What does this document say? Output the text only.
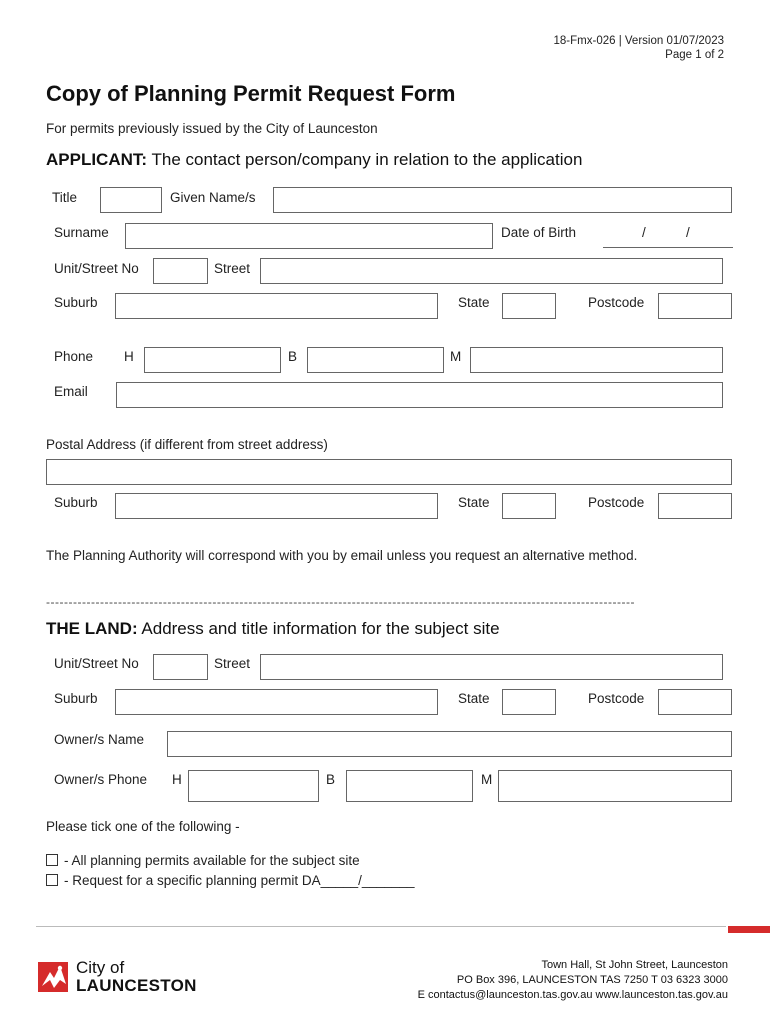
18-Fmx-026 | Version 01/07/2023
Page 1 of 2
Copy of Planning Permit Request Form
For permits previously issued by the City of Launceston
APPLICANT: The contact person/company in relation to the application
Title	Given Name/s
Surname	Date of Birth	/	/
Unit/Street No	Street
Suburb	State	Postcode
Phone H	B	M
Email
Postal Address (if different from street address)
Suburb	State	Postcode
The Planning Authority will correspond with you by email unless you request an alternative method.
-----------------------------------------------------------------------------------------------------------------------------------
THE LAND: Address and title information for the subject site
Unit/Street No	Street
Suburb	State	Postcode
Owner/s Name
Owner/s Phone H	B	M
Please tick one of the following -
- All planning permits available for the subject site
- Request for a specific planning permit DA_____/_______
City of
LAUNCESTON
Town Hall, St John Street, Launceston
PO Box 396, LAUNCESTON TAS 7250 T 03 6323 3000
E contactus@launceston.tas.gov.au www.launceston.tas.gov.au
